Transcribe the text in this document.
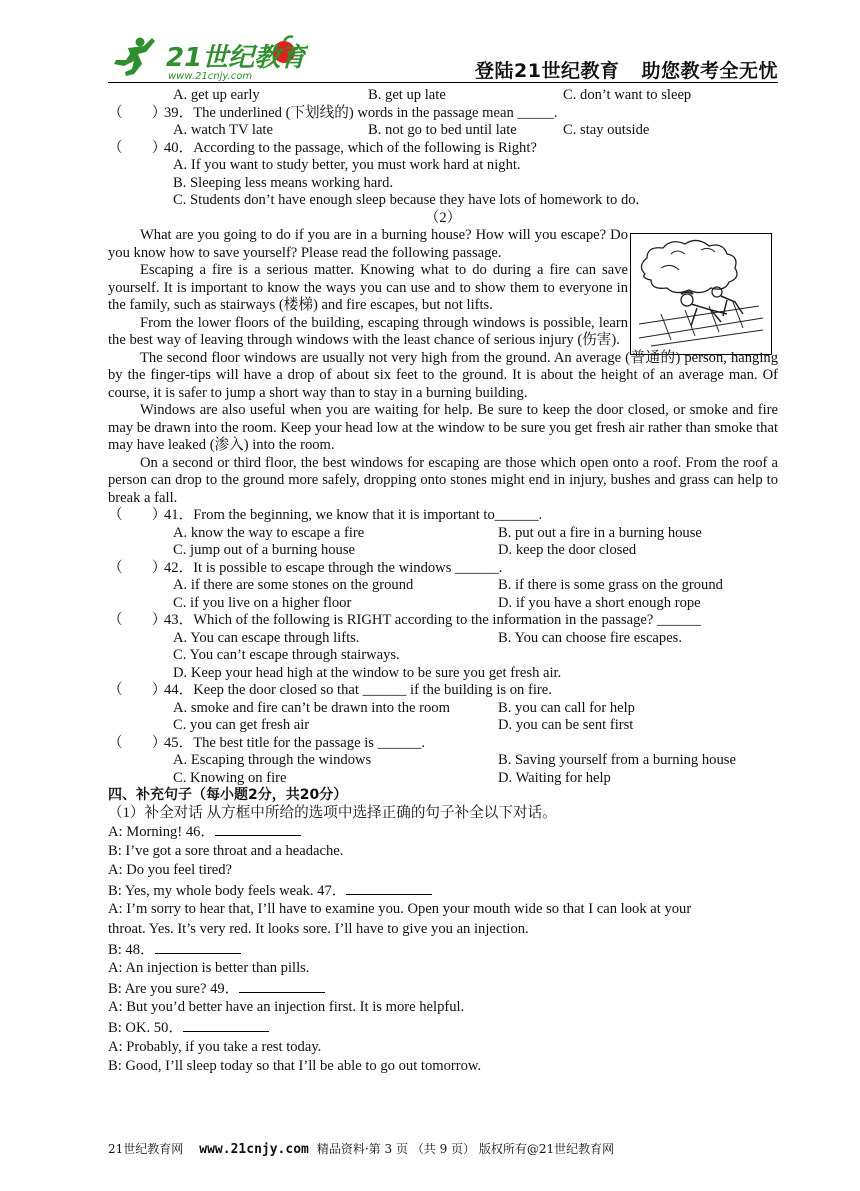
21世纪教育
www.21cnjy.com	登陆21世纪教育 助您教考全无忧
A. get up early	B. get up late	C. don’t want to sleep
（　　）39．The underlined (下划线的) words in the passage mean _____.
A. watch TV late	B. not go to bed until late	C. stay outside
（　　）40．According to the passage, which of the following is Right?
A. If you want to study better, you must work hard at night.
B. Sleeping less means working hard.
C. Students don’t have enough sleep because they have lots of homework to do.
（2）

What are you going to do if you are in a burning house? How will you escape? Do you know how to save yourself? Please read the following passage.

Escaping a fire is a serious matter. Knowing what to do during a fire can save yourself. It is important to know the ways you can use and to show them to everyone in the family, such as stairways (楼梯) and fire escapes, but not lifts.

From the lower floors of the building, escaping through windows is possible, learn the best way of leaving through windows with the least chance of serious injury (伤害).

The second floor windows are usually not very high from the ground. An average (普通的) person, hanging by the finger-tips will have a drop of about six feet to the ground. It is about the height of an average man. Of course, it is safer to jump a short way than to stay in a burning building.

Windows are also useful when you are waiting for help. Be sure to keep the door closed, or smoke and fire may be drawn into the room. Keep your head low at the window to be sure you get fresh air rather than smoke that may have leaked (渗入) into the room.

On a second or third floor, the best windows for escaping are those which open onto a roof. From the roof a person can drop to the ground more safely, dropping onto stones might end in injury, bushes and grass can help to break a fall.

（　　）41．From the beginning, we know that it is important to______.
A. know the way to escape a fire	B. put out a fire in a burning house
C. jump out of a burning house	D. keep the door closed
（　　）42．It is possible to escape through the windows ______.
A. if there are some stones on the ground	B. if there is some grass on the ground
C. if you live on a higher floor	D. if you have a short enough rope
（　　）43．Which of the following is RIGHT according to the information in the passage? ______
A. You can escape through lifts.	B. You can choose fire escapes.
C. You can’t escape through stairways.
D. Keep your head high at the window to be sure you get fresh air.
（　　）44．Keep the door closed so that ______ if the building is on fire.
A. smoke and fire can’t be drawn into the room	B. you can call for help
C. you can get fresh air	D. you can be sent first
（　　）45．The best title for the passage is ______.
A. Escaping through the windows	B. Saving yourself from a burning house
C. Knowing on fire	D. Waiting for help
四、补充句子（每小题2分，共20分）
（1）补全对话 从方框中所给的选项中选择正确的句子补全以下对话。
A: Morning! 46．
B: I’ve got a sore throat and a headache.
A: Do you feel tired?
B: Yes, my whole body feels weak. 47．
A: I’m sorry to hear that, I’ll have to examine you. Open your mouth wide so that I can look at your
throat. Yes. It’s very red. It looks sore. I’ll have to give you an injection.
B: 48．
A: An injection is better than pills.
B: Are you sure? 49．
A: But you’d better have an injection first. It is more helpful.
B: OK. 50．
A: Probably, if you take a rest today.
B: Good, I’ll sleep today so that I’ll be able to go out tomorrow.
21世纪教育网 www.21cnjy.com 精品资料·第 3 页 （共 9 页） 版权所有@21世纪教育网
